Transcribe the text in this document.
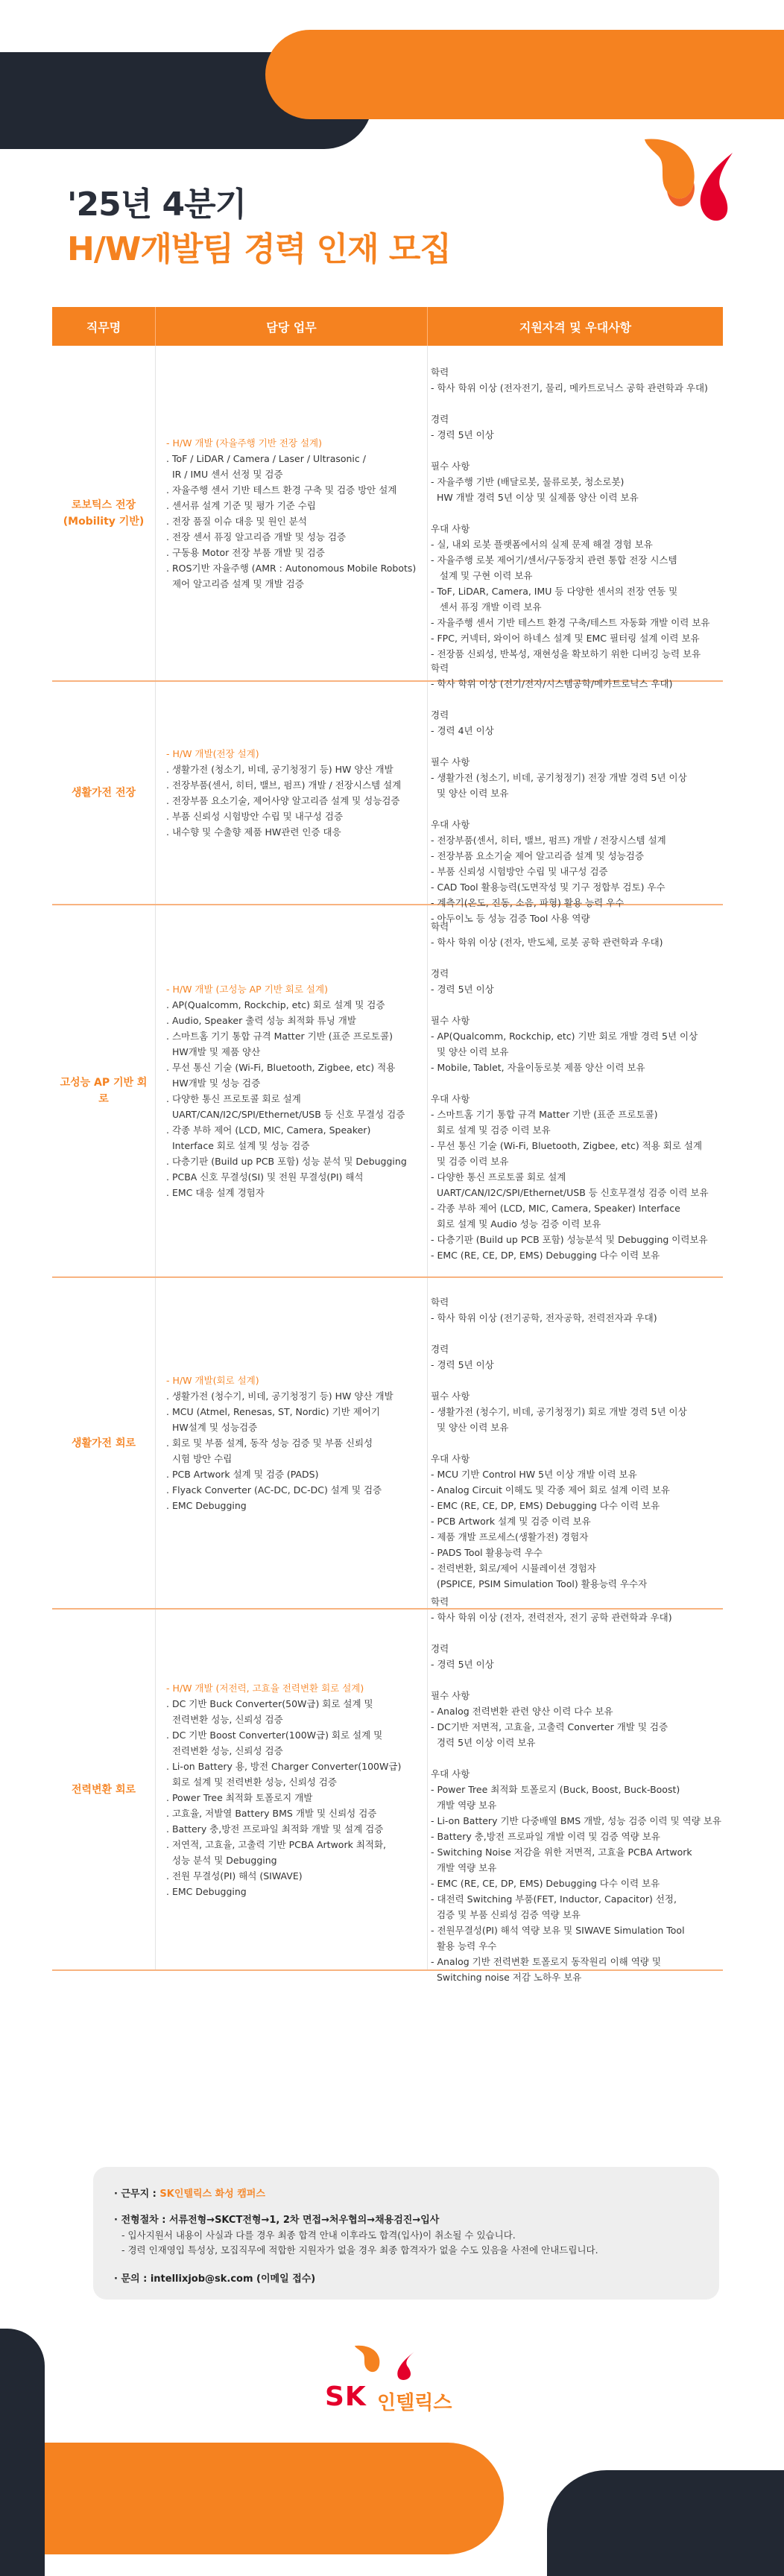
'25년 4분기
H/W개발팀 경력 인재 모집
직무명	담당 업무	지원자격 및 우대사항
로보틱스 전장
(Mobility 기반)
- H/W 개발 (자율주행 기반 전장 설계)
. ToF / LiDAR / Camera / Laser / Ultrasonic /
IR / IMU 센서 선정 및 검증
. 자율주행 센서 기반 테스트 환경 구축 및 검증 방안 설계
. 센서류 설계 기준 및 평가 기준 수립
. 전장 품질 이슈 대응 및 원인 분석
. 전장 센서 퓨징 알고리즘 개발 및 성능 검증
. 구동용 Motor 전장 부품 개발 및 검증
. ROS기반 자율주행 (AMR : Autonomous Mobile Robots)
제어 알고리즘 설계 및 개발 검증
학력
- 학사 학위 이상 (전자전기, 물리, 메카트로닉스 공학 관련학과 우대)
경력
- 경력 5년 이상
필수 사항
- 자율주행 기반 (배달로봇, 물류로봇, 청소로봇)
HW 개발 경력 5년 이상 및 실제품 양산 이력 보유
우대 사항
- 실, 내외 로봇 플랫폼에서의 실제 문제 해결 경험 보유
- 자율주행 로봇 제어기/센서/구동장치 관련 통합 전장 시스템
설계 및 구현 이력 보유
- ToF, LiDAR, Camera, IMU 등 다양한 센서의 전장 연동 및
센서 퓨징 개발 이력 보유
- 자율주행 센서 기반 테스트 환경 구축/테스트 자동화 개발 이력 보유
- FPC, 커넥터, 와이어 하네스 설계 및 EMC 필터링 설계 이력 보유
- 전장품 신뢰성, 반복성, 재현성을 확보하기 위한 디버깅 능력 보유
생활가전 전장
- H/W 개발(전장 설계)
. 생활가전 (청소기, 비데, 공기청정기 등) HW 양산 개발
. 전장부품(센서, 히터, 밸브, 펌프) 개발 / 전장시스템 설계
. 전장부품 요소기술, 제어사양 알고리즘 설계 및 성능검증
. 부품 신뢰성 시험방안 수립 및 내구성 검증
. 내수향 및 수출향 제품 HW관련 인증 대응
학력
- 학사 학위 이상 (전기/전자/시스템공학/메카트로닉스 우대)
경력
- 경력 4년 이상
필수 사항
- 생활가전 (청소기, 비데, 공기청정기) 전장 개발 경력 5년 이상
및 양산 이력 보유
우대 사항
- 전장부품(센서, 히터, 밸브, 펌프) 개발 / 전장시스템 설계
- 전장부품 요소기술 제어 알고리즘 설계 및 성능검증
- 부품 신뢰성 시험방안 수립 및 내구성 검증
- CAD Tool 활용능력(도면작성 및 기구 정합부 검토) 우수
- 계측기(온도, 진동, 소음, 파형) 활용 능력 우수
- 아두이노 등 성능 검증 Tool 사용 역량
고성능 AP 기반 회로
- H/W 개발 (고성능 AP 기반 회로 설계)
. AP(Qualcomm, Rockchip, etc) 회로 설계 및 검증
. Audio, Speaker 출력 성능 최적화 튜닝 개발
. 스마트홈 기기 통합 규격 Matter 기반 (표준 프로토콜)
HW개발 및 제품 양산
. 무선 통신 기술 (Wi-Fi, Bluetooth, Zigbee, etc) 적용
HW개발 및 성능 검증
. 다양한 통신 프로토콜 회로 설계
UART/CAN/I2C/SPI/Ethernet/USB 등 신호 무결성 검증
. 각종 부하 제어 (LCD, MIC, Camera, Speaker)
Interface 회로 설계 및 성능 검증
. 다층기판 (Build up PCB 포함) 성능 분석 및 Debugging
. PCBA 신호 무결성(SI) 및 전원 무결성(PI) 해석
. EMC 대응 설계 경험자
학력
- 학사 학위 이상 (전자, 반도체, 로봇 공학 관련학과 우대)
경력
- 경력 5년 이상
필수 사항
- AP(Qualcomm, Rockchip, etc) 기반 회로 개발 경력 5년 이상
및 양산 이력 보유
- Mobile, Tablet, 자율이동로봇 제품 양산 이력 보유
우대 사항
- 스마트홈 기기 통합 규격 Matter 기반 (표준 프로토콜)
회로 설계 및 검증 이력 보유
- 무선 통신 기술 (Wi-Fi, Bluetooth, Zigbee, etc) 적용 회로 설계
및 검증 이력 보유
- 다양한 통신 프로토콜 회로 설계
UART/CAN/I2C/SPI/Ethernet/USB 등 신호무결성 검증 이력 보유
- 각종 부하 제어 (LCD, MIC, Camera, Speaker) Interface
회로 설계 및 Audio 성능 검증 이력 보유
- 다층기판 (Build up PCB 포함) 성능분석 및 Debugging 이력보유
- EMC (RE, CE, DP, EMS) Debugging 다수 이력 보유
생활가전 회로
- H/W 개발(회로 설계)
. 생활가전 (청수기, 비데, 공기청정기 등) HW 양산 개발
. MCU (Atmel, Renesas, ST, Nordic) 기반 제어기
HW설계 및 성능검증
. 회로 및 부품 설계, 동작 성능 검증 및 부품 신뢰성
시험 방안 수립
. PCB Artwork 설계 및 검증 (PADS)
. Flyack Converter (AC-DC, DC-DC) 설계 및 검증
. EMC Debugging
학력
- 학사 학위 이상 (전기공학, 전자공학, 전력전자과 우대)
경력
- 경력 5년 이상
필수 사항
- 생활가전 (청수기, 비데, 공기청정기) 회로 개발 경력 5년 이상
및 양산 이력 보유
우대 사항
- MCU 기반 Control HW 5년 이상 개발 이력 보유
- Analog Circuit 이해도 및 각종 제어 회로 설계 이력 보유
- EMC (RE, CE, DP, EMS) Debugging 다수 이력 보유
- PCB Artwork 설계 및 검증 이력 보유
- 제품 개발 프로세스(생활가전) 경험자
- PADS Tool 활용능력 우수
- 전력변환, 회로/제어 시뮬레이션 경험자
(PSPICE, PSIM Simulation Tool) 활용능력 우수자
전력변환 회로
- H/W 개발 (저전력, 고효율 전력변환 회로 설계)
. DC 기반 Buck Converter(50W급) 회로 설계 및
전력변환 성능, 신뢰성 검증
. DC 기반 Boost Converter(100W급) 회로 설계 및
전력변환 성능, 신뢰성 검증
. Li-on Battery 용, 방전 Charger Converter(100W급)
회로 설계 및 전력변환 성능, 신뢰성 검증
. Power Tree 최적화 토폴로지 개발
. 고효율, 저발열 Battery BMS 개발 및 신뢰성 검증
. Battery 충,방전 프로파일 최적화 개발 및 설계 검증
. 저연적, 고효율, 고출력 기반 PCBA Artwork 최적화,
성능 분석 및 Debugging
. 전원 무결성(PI) 해석 (SIWAVE)
. EMC Debugging
학력
- 학사 학위 이상 (전자, 전력전자, 전기 공학 관련학과 우대)
경력
- 경력 5년 이상
필수 사항
- Analog 전력변환 관련 양산 이력 다수 보유
- DC기반 저면적, 고효율, 고출력 Converter 개발 및 검증
경력 5년 이상 이력 보유
우대 사항
- Power Tree 최적화 토폴로지 (Buck, Boost, Buck-Boost)
개발 역량 보유
- Li-on Battery 기반 다중배열 BMS 개발, 성능 검증 이력 및 역량 보유
- Battery 충,방전 프로파일 개발 이력 및 검증 역량 보유
- Switching Noise 저감을 위한 저면적, 고효율 PCBA Artwork
개발 역량 보유
- EMC (RE, CE, DP, EMS) Debugging 다수 이력 보유
- 대전력 Switching 부품(FET, Inductor, Capacitor) 선정,
검증 및 부품 신뢰성 검증 역량 보유
- 전원무결성(PI) 해석 역량 보유 및 SIWAVE Simulation Tool
활용 능력 우수
- Analog 기반 전력변환 토폴로지 동작원리 이해 역량 및
Switching noise 저감 노하우 보유
· 근무지 : SK인텔릭스 화성 캠퍼스
· 전형절차 : 서류전형→SKCT전형→1, 2차 면접→처우협의→채용검진→입사
- 입사지원서 내용이 사실과 다를 경우 최종 합격 안내 이후라도 합격(입사)이 취소될 수 있습니다.
- 경력 인재영입 특성상, 모집직무에 적합한 지원자가 없을 경우 최종 합격자가 없을 수도 있음을 사전에 안내드립니다.
· 문의 : intellixjob@sk.com (이메일 접수)
SK 인텔릭스
